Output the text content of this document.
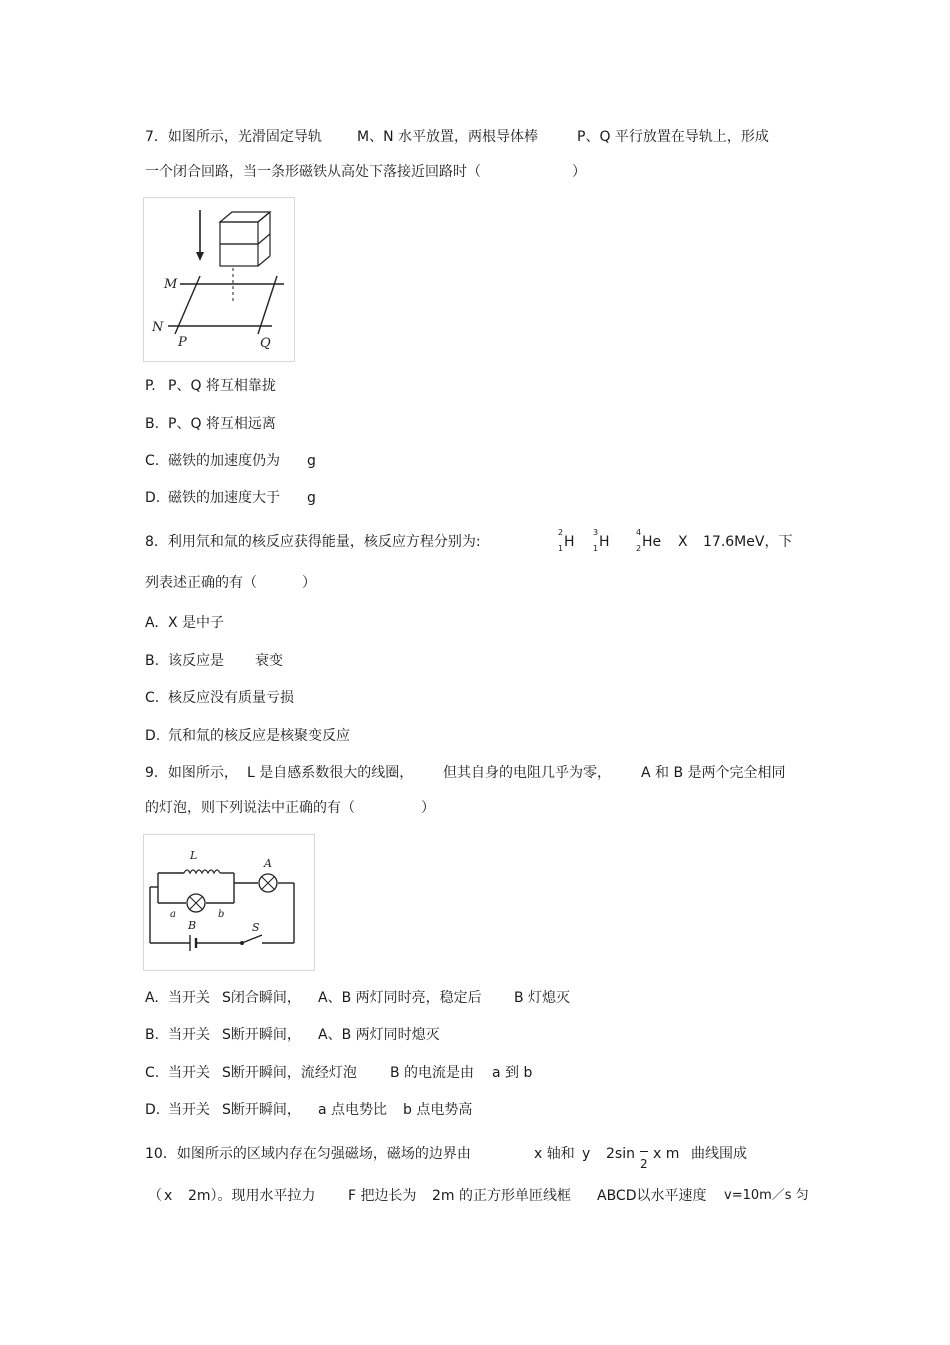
7．如图所示，光滑固定导轨	M、N 水平放置，两根导体棒	P、Q 平行放置在导轨上，形成
一个闭合回路，当一条形磁铁从高处下落接近回路时（	）
M
N
P	Q
P. P、Q 将互相靠拢
B. P、Q 将互相远离
C. 磁铁的加速度仍为 g
D. 磁铁的加速度大于 g
8．利用氘和氚的核反应获得能量，核反应方程分别为:
2
1 H
3
1 H
4
2 He X 17.6MeV，下
列表述正确的有（	）
A. X 是中子
B. 该反应是 衰变
C. 核反应没有质量亏损
D. 氘和氚的核反应是核聚变反应
9．如图所示， L 是自感系数很大的线圈， 但其自身的电阻几乎为零， A 和 B 是两个完全相同
的灯泡，则下列说法中正确的有（	）
L
A
B
a	b
S
A. 当开关 S闭合瞬间， A、B 两灯同时亮，稳定后 B 灯熄灭
B. 当开关 S断开瞬间， A、B 两灯同时熄灭
C. 当开关 S断开瞬间，流经灯泡 B 的电流是由 a 到 b
D. 当开关 S断开瞬间， a 点电势比 b 点电势高
10．如图所示的区域内存在匀强磁场，磁场的边界由	x 轴和 y 2sin
2
x m 曲线围成
（ x 2m）。现用水平拉力 F 把边长为 2m 的正方形单匝线框 ABCD以水平速度 v=10m／s 匀
